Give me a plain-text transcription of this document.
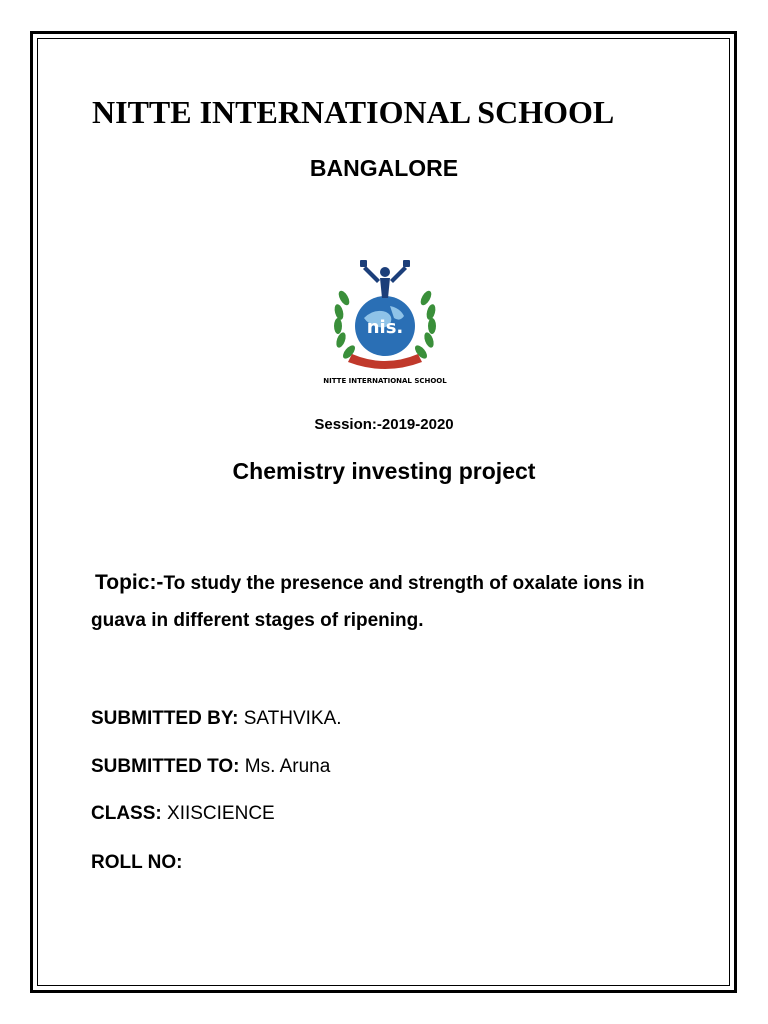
NITTE INTERNATIONAL SCHOOL
BANGALORE
nis.
NITTE INTERNATIONAL SCHOOL
Session:-2019-2020
Chemistry investing project
Topic:-To study the presence and strength of oxalate ions in guava in different stages of ripening.
SUBMITTED BY: SATHVIKA.
SUBMITTED TO: Ms. Aruna
CLASS: XIISCIENCE
ROLL NO:
